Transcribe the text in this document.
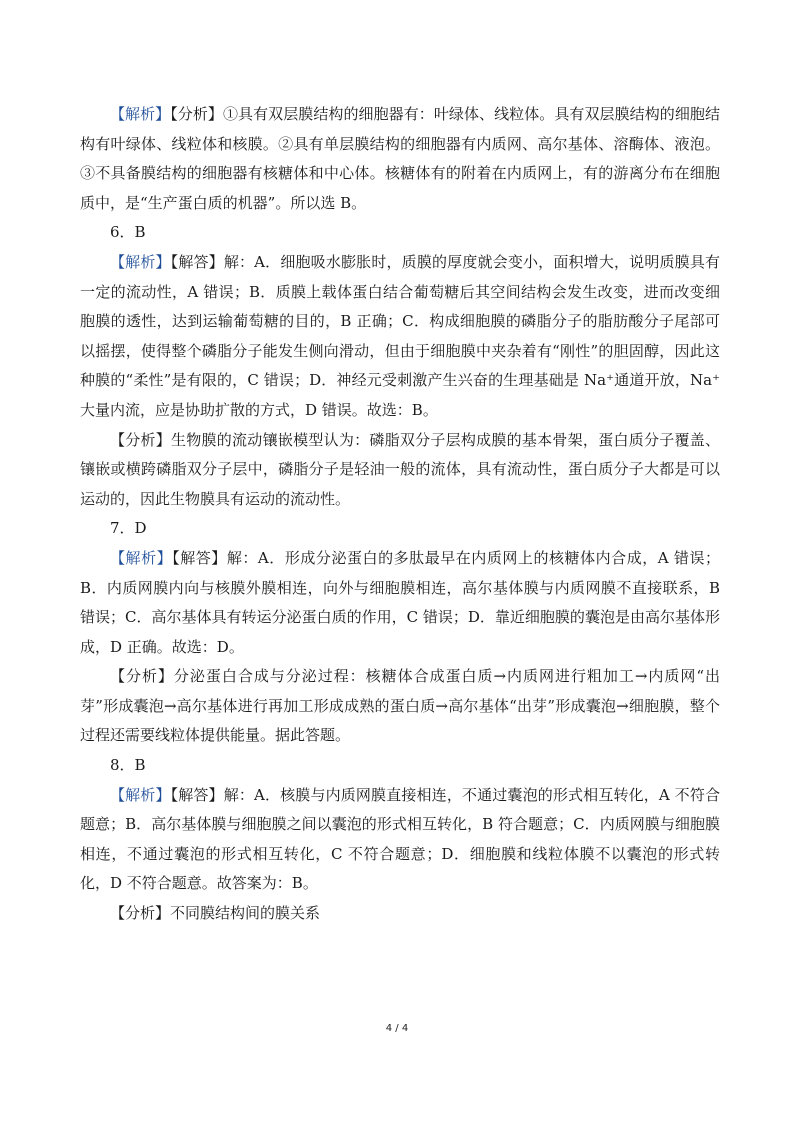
【解析】【分析】①具有双层膜结构的细胞器有：叶绿体、线粒体。具有双层膜结构的细胞结构有叶绿体、线粒体和核膜。②具有单层膜结构的细胞器有内质网、高尔基体、溶酶体、液泡。③不具备膜结构的细胞器有核糖体和中心体。核糖体有的附着在内质网上，有的游离分布在细胞质中，是“生产蛋白质的机器”。所以选 B。

6．B

【解析】【解答】解：A．细胞吸水膨胀时，质膜的厚度就会变小，面积增大，说明质膜具有一定的流动性，A 错误；B．质膜上载体蛋白结合葡萄糖后其空间结构会发生改变，进而改变细胞膜的透性，达到运输葡萄糖的目的，B 正确；C．构成细胞膜的磷脂分子的脂肪酸分子尾部可以摇摆，使得整个磷脂分子能发生侧向滑动，但由于细胞膜中夹杂着有“刚性”的胆固醇，因此这种膜的“柔性”是有限的，C 错误；D．神经元受刺激产生兴奋的生理基础是 Na⁺通道开放，Na⁺大量内流，应是协助扩散的方式，D 错误。故选：B。

【分析】生物膜的流动镶嵌模型认为：磷脂双分子层构成膜的基本骨架，蛋白质分子覆盖、镶嵌或横跨磷脂双分子层中，磷脂分子是轻油一般的流体，具有流动性，蛋白质分子大都是可以运动的，因此生物膜具有运动的流动性。

7．D

【解析】【解答】解：A．形成分泌蛋白的多肽最早在内质网上的核糖体内合成，A 错误；B．内质网膜内向与核膜外膜相连，向外与细胞膜相连，高尔基体膜与内质网膜不直接联系，B 错误；C．高尔基体具有转运分泌蛋白质的作用，C 错误；D．靠近细胞膜的囊泡是由高尔基体形成，D 正确。故选：D。

【分析】分泌蛋白合成与分泌过程：核糖体合成蛋白质→内质网进行粗加工→内质网“出芽”形成囊泡→高尔基体进行再加工形成成熟的蛋白质→高尔基体“出芽”形成囊泡→细胞膜，整个过程还需要线粒体提供能量。据此答题。

8．B

【解析】【解答】解：A．核膜与内质网膜直接相连，不通过囊泡的形式相互转化，A 不符合题意；B．高尔基体膜与细胞膜之间以囊泡的形式相互转化，B 符合题意；C．内质网膜与细胞膜相连，不通过囊泡的形式相互转化，C 不符合题意；D．细胞膜和线粒体膜不以囊泡的形式转化，D 不符合题意。故答案为：B。

【分析】不同膜结构间的膜关系

4 / 4
